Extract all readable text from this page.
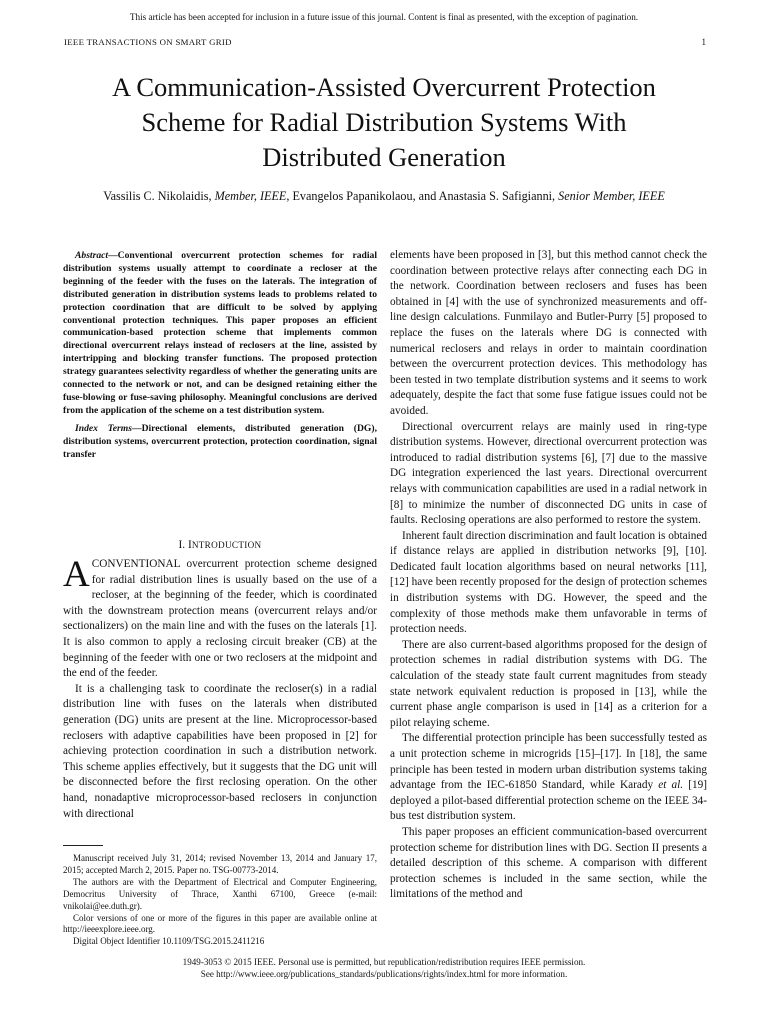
This article has been accepted for inclusion in a future issue of this journal. Content is final as presented, with the exception of pagination.
IEEE TRANSACTIONS ON SMART GRID	1
A Communication-Assisted Overcurrent Protection
Scheme for Radial Distribution Systems With
Distributed Generation
Vassilis C. Nikolaidis, Member, IEEE, Evangelos Papanikolaou, and Anastasia S. Safigianni, Senior Member, IEEE

Abstract—Conventional overcurrent protection schemes for radial distribution systems usually attempt to coordinate a recloser at the beginning of the feeder with the fuses on the laterals. The integration of distributed generation in distribution systems leads to problems related to protection coordination that are difficult to be solved by applying conventional protection techniques. This paper proposes an efficient communication-based protection scheme that implements common directional overcurrent relays instead of reclosers at the line, assisted by intertripping and blocking transfer functions. The proposed protection strategy guarantees selectivity regardless of whether the generating units are connected to the network or not, and can be designed retaining either the fuse-blowing or fuse-saving philosophy. Meaningful conclusions are derived from the application of the scheme on a test distribution system.

Index Terms—Directional elements, distributed generation (DG), distribution systems, overcurrent protection, protection coordination, signal transfer

I. INTRODUCTION

ACONVENTIONAL overcurrent protection scheme designed for radial distribution lines is usually based on the use of a recloser, at the beginning of the feeder, which is coordinated with the downstream protection means (overcurrent relays and/or sectionalizers) on the main line and with the fuses on the laterals [1]. It is also common to apply a reclosing circuit breaker (CB) at the beginning of the feeder with one or two reclosers at the midpoint and the end of the feeder.

It is a challenging task to coordinate the recloser(s) in a radial distribution line with fuses on the laterals when distributed generation (DG) units are present at the line. Microprocessor-based reclosers with adaptive capabilities have been proposed in [2] for achieving protection coordination in such a distribution network. This scheme applies effectively, but it suggests that the DG unit will be disconnected before the first reclosing operation. On the other hand, nonadaptive microprocessor-based reclosers in conjunction with directional

Manuscript received July 31, 2014; revised November 13, 2014 and January 17, 2015; accepted March 2, 2015. Paper no. TSG-00773-2014.

The authors are with the Department of Electrical and Computer Engineering, Democritus University of Thrace, Xanthi 67100, Greece (e-mail: vnikolai@ee.duth.gr).

Color versions of one or more of the figures in this paper are available online at http://ieeexplore.ieee.org.

Digital Object Identifier 10.1109/TSG.2015.2411216

elements have been proposed in [3], but this method cannot check the coordination between protective relays after connecting each DG in the network. Coordination between reclosers and fuses has been obtained in [4] with the use of synchronized measurements and off-line design calculations. Funmilayo and Butler-Purry [5] proposed to replace the fuses on the laterals where DG is connected with numerical reclosers and relays in order to maintain coordination between the overcurrent protection devices. This methodology has been tested in two template distribution systems and it seems to work adequately, despite the fact that some fuse fatigue issues could not be avoided.

Directional overcurrent relays are mainly used in ring-type distribution systems. However, directional overcurrent protection was introduced to radial distribution systems [6], [7] due to the massive DG integration experienced the last years. Directional overcurrent relays with communication capabilities are used in a radial network in [8] to minimize the number of disconnected DG units in case of faults. Reclosing operations are also performed to restore the system.

Inherent fault direction discrimination and fault location is obtained if distance relays are applied in distribution networks [9], [10]. Dedicated fault location algorithms based on neural networks [11], [12] have been recently proposed for the design of protection schemes in distribution systems with DG. However, the speed and the complexity of those methods make them unfavorable in terms of protection needs.

There are also current-based algorithms proposed for the design of protection schemes in radial distribution systems with DG. The calculation of the steady state fault current magnitudes from steady state network equivalent reduction is proposed in [13], while the current phase angle comparison is used in [14] as a criterion for a pilot relaying scheme.

The differential protection principle has been successfully tested as a unit protection scheme in microgrids [15]–[17]. In [18], the same principle has been tested in modern urban distribution systems taking advantage from the IEC-61850 Standard, while Karady et al. [19] deployed a pilot-based differential protection scheme on the IEEE 34-bus test distribution system.

This paper proposes an efficient communication-based overcurrent protection scheme for distribution lines with DG. Section II presents a detailed description of this scheme. A comparison with different protection schemes is included in the same section, while the limitations of the method and

1949-3053 © 2015 IEEE. Personal use is permitted, but republication/redistribution requires IEEE permission.
See http://www.ieee.org/publications_standards/publications/rights/index.html for more information.
